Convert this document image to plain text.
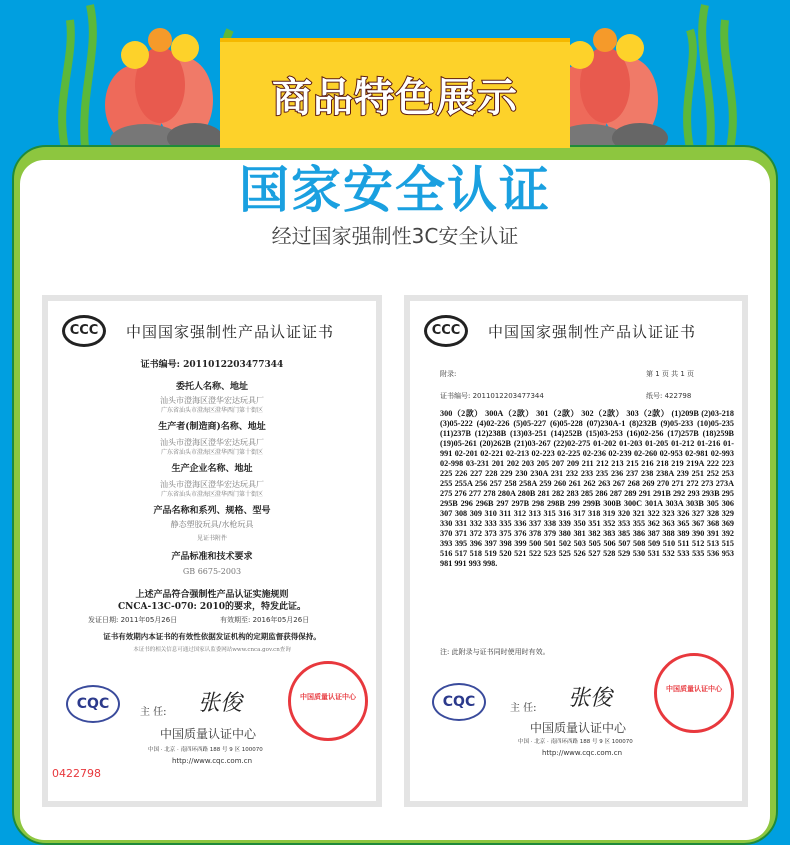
商品特色展示
国家安全认证
经过国家强制性3C安全认证
CCC	中国国家强制性产品认证证书
证书编号: 2011012203477344
委托人名称、地址
汕头市澄海区澄华宏达玩具厂
广东省汕头市澄海区澄华西门第十街区
生产者(制造商)名称、地址
汕头市澄海区澄华宏达玩具厂
广东省汕头市澄海区澄华西门第十街区
生产企业名称、地址
汕头市澄海区澄华宏达玩具厂
广东省汕头市澄海区澄华西门第十街区
产品名称和系列、规格、型号
静态塑胶玩具/水枪玩具
见证书附件
产品标准和技术要求
GB 6675-2003
上述产品符合强制性产品认证实施规则
CNCA-13C-070: 2010的要求，特发此证。
发证日期: 2011年05月26日	有效期至: 2016年05月26日
证书有效期内本证书的有效性依据发证机构的定期监督获得保持。
本证书的相关信息可通过国家认监委网站www.cnca.gov.cn查询
CQC
主 任: 张俊
中国质量认证中心
中国 · 北京 · 南四环西路 188 号 9 区 100070
http://www.cqc.com.cn
中国质量认证中心
0422798
CCC	中国国家强制性产品认证证书
附录:	第 1 页 共 1 页
证书编号: 2011012203477344	纸号: 422798
300（2款） 300A（2款） 301（2款） 302（2款） 303（2款） (1)209B (2)03-218 (3)05-222 (4)02-226 (5)05-227 (6)05-228 (07)230A-1 (8)232B (9)05-233 (10)05-235 (11)237B (12)238B (13)03-251 (14)252B (15)03-253 (16)02-256 (17)257B (18)259B (19)05-261 (20)262B (21)03-267 (22)02-275 01-202 01-203 01-205 01-212 01-216 01-991 02-201 02-221 02-213 02-223 02-225 02-236 02-239 02-260 02-953 02-981 02-993 02-998 03-231 201 202 203 205 207 209 211 212 213 215 216 218 219 219A 222 223 225 226 227 228 229 230 230A 231 232 233 235 236 237 238 238A 239 251 252 253 255 255A 256 257 258 258A 259 260 261 262 263 267 268 269 270 271 272 273 273A 275 276 277 278 280A 280B 281 282 283 285 286 287 289 291 291B 292 293 293B 295 295B 296 296B 297 297B 298 298B 299 299B 300B 300C 301A 303A 303B 305 306 307 308 309 310 311 312 313 315 316 317 318 319 320 321 322 323 326 327 328 329 330 331 332 333 335 336 337 338 339 350 351 352 353 355 362 363 365 367 368 369 370 371 372 373 375 376 378 379 380 381 382 383 385 386 387 388 389 390 391 392 393 395 396 397 398 399 500 501 502 503 505 506 507 508 509 510 511 512 513 515 516 517 518 519 520 521 522 523 525 526 527 528 529 530 531 532 533 535 536 953 981 991 993 998.
注: 此附录与证书同时使用时有效。
CQC	主 任: 张俊
中国质量认证中心
中国 · 北京 · 南四环西路 188 号 9 区 100070
http://www.cqc.com.cn
中国质量认证中心
